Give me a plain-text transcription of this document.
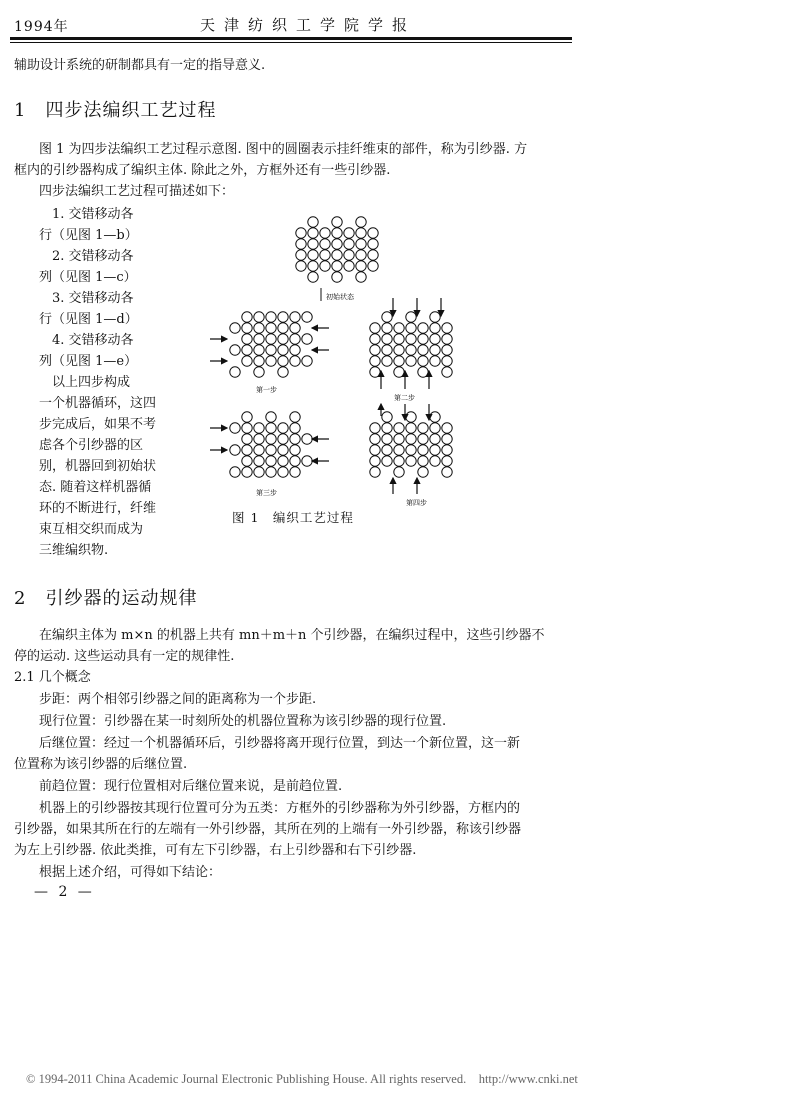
1994年	天津纺织工学院学报
辅助设计系统的研制都具有一定的指导意义.
1　四步法编织工艺过程
图 1 为四步法编织工艺过程示意图. 图中的圆圈表示挂纤维束的部件，称为引纱器. 方
框内的引纱器构成了编织主体. 除此之外，方框外还有一些引纱器.
四步法编织工艺过程可描述如下：
　1. 交错移动各
行（见图 1—b）
　2. 交错移动各
列（见图 1—c）
　3. 交错移动各
行（见图 1—d）
　4. 交错移动各
列（见图 1—e）
　以上四步构成
一个机器循环，这四
步完成后，如果不考
虑各个引纱器的区
别，机器回到初始状
态. 随着这样机器循
环的不断进行，纤维
束互相交织而成为
三维编织物.
初始状态
第一步
第二步
第三步
第四步
图 1　编织工艺过程
2　引纱器的运动规律
在编织主体为 m×n 的机器上共有 mn＋m＋n 个引纱器，在编织过程中，这些引纱器不
停的运动. 这些运动具有一定的规律性.
2.1 几个概念
步距：两个相邻引纱器之间的距离称为一个步距.
现行位置：引纱器在某一时刻所处的机器位置称为该引纱器的现行位置.
后继位置：经过一个机器循环后，引纱器将离开现行位置，到达一个新位置，这一新
位置称为该引纱器的后继位置.
前趋位置：现行位置相对后继位置来说，是前趋位置.
机器上的引纱器按其现行位置可分为五类：方框外的引纱器称为外引纱器，方框内的
引纱器，如果其所在行的左端有一外引纱器，其所在列的上端有一外引纱器，称该引纱器
为左上引纱器. 依此类推，可有左下引纱器，右上引纱器和右下引纱器.
根据上述介绍，可得如下结论：
— 2 —
© 1994-2011 China Academic Journal Electronic Publishing House. All rights reserved.　http://www.cnki.net
